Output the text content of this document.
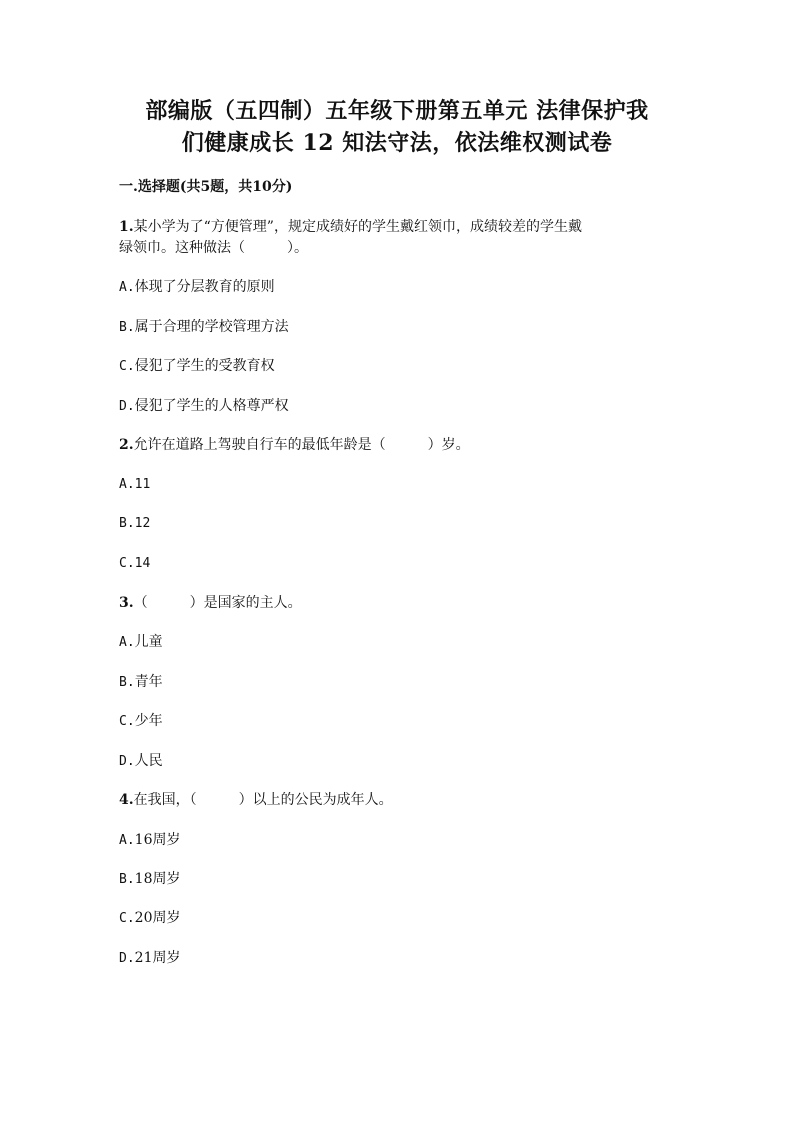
部编版（五四制）五年级下册第五单元 法律保护我
们健康成长 12 知法守法，依法维权测试卷
一.选择题(共5题，共10分)
1.某小学为了“方便管理”，规定成绩好的学生戴红领巾，成绩较差的学生戴
绿领巾。这种做法（　　　）。
A.体现了分层教育的原则
B.属于合理的学校管理方法
C.侵犯了学生的受教育权
D.侵犯了学生的人格尊严权
2.允许在道路上驾驶自行车的最低年龄是（　　　）岁。
A.11
B.12
C.14
3.（　　　）是国家的主人。
A.儿童
B.青年
C.少年
D.人民
4.在我国，（　　　）以上的公民为成年人。
A.16周岁
B.18周岁
C.20周岁
D.21周岁
